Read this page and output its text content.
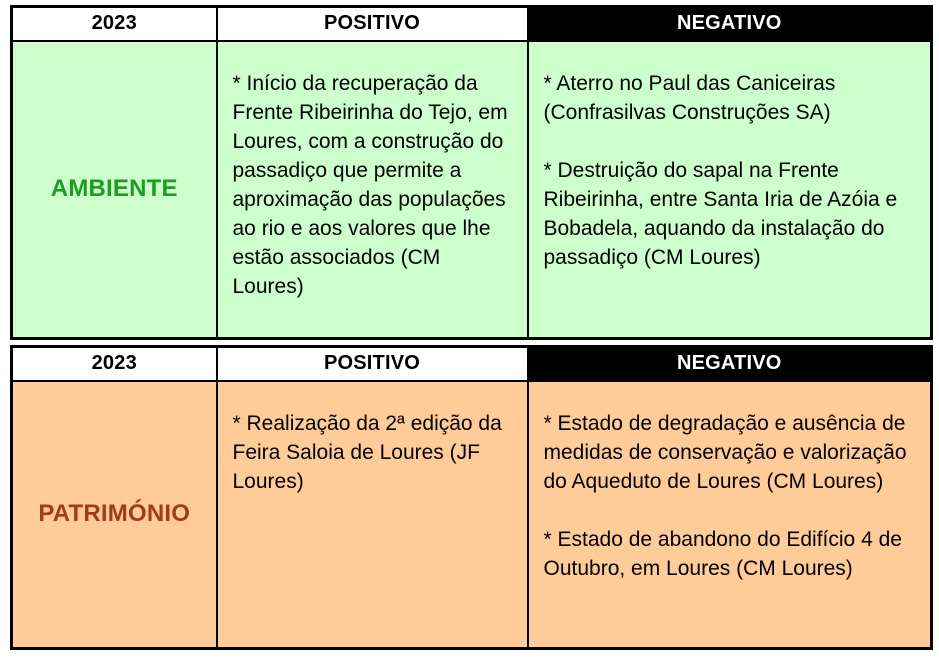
2023	POSITIVO	NEGATIVO
AMBIENTE	* Início da recuperação da Frente Ribeirinha do Tejo, em Loures, com a construção do passadiço que permite a aproximação das populações ao rio e aos valores que lhe estão associados (CM Loures)	* Aterro no Paul das Caniceiras (Confrasilvas Construções SA)

* Destruição do sapal na Frente Ribeirinha, entre Santa Iria de Azóia e Bobadela, aquando da instalação do passadiço (CM Loures)

2023	POSITIVO	NEGATIVO
PATRIMÓNIO	* Realização da 2ª edição da Feira Saloia de Loures (JF Loures)	* Estado de degradação e ausência de medidas de conservação e valorização do Aqueduto de Loures (CM Loures)

* Estado de abandono do Edifício 4 de Outubro, em Loures (CM Loures)
